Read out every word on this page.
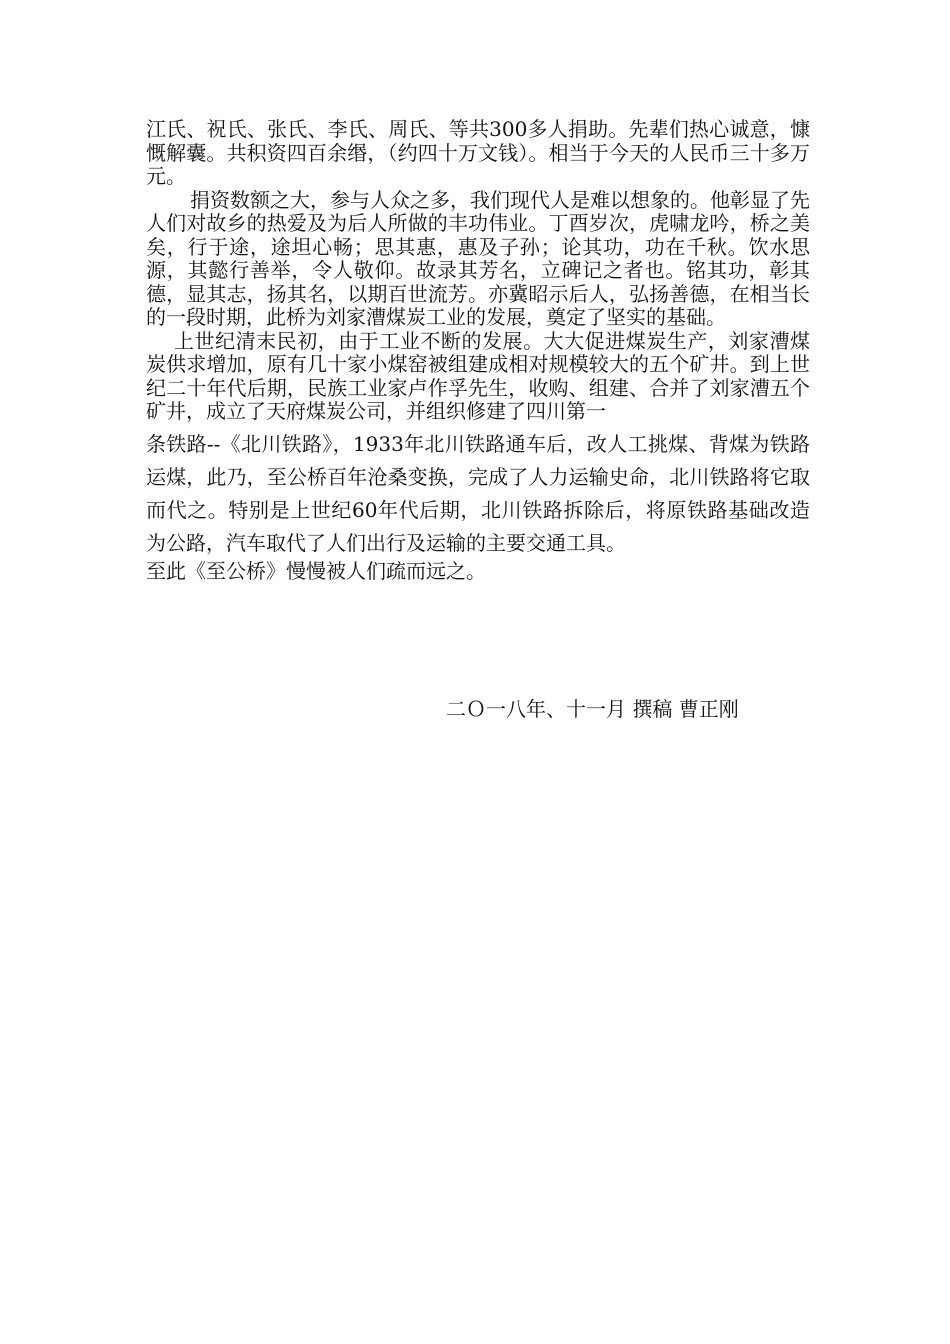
江氏、祝氏、张氏、李氏、周氏、等共300多人捐助。先辈们热心诚意，慷慨解囊。共积资四百余缗，（约四十万文钱）。相当于今天的人民币三十多万元。

捐资数额之大，参与人众之多，我们现代人是难以想象的。他彰显了先人们对故乡的热爱及为后人所做的丰功伟业。丁酉岁次，虎啸龙吟，桥之美矣，行于途，途坦心畅；思其惠，惠及子孙；论其功，功在千秋。饮水思源，其懿行善举，令人敬仰。故录其芳名，立碑记之者也。铭其功，彰其德，显其志，扬其名，以期百世流芳。亦冀昭示后人，弘扬善德，在相当长的一段时期，此桥为刘家漕煤炭工业的发展，奠定了坚实的基础。

上世纪清末民初，由于工业不断的发展。大大促进煤炭生产，刘家漕煤炭供求增加，原有几十家小煤窑被组建成相对规模较大的五个矿井。到上世纪二十年代后期，民族工业家卢作孚先生，收购、组建、合并了刘家漕五个矿井，成立了天府煤炭公司，并组织修建了四川第一

条铁路--《北川铁路》，1933年北川铁路通车后，改人工挑煤、背煤为铁路运煤，此乃，至公桥百年沧桑变换，完成了人力运输史命，北川铁路将它取而代之。特别是上世纪60年代后期，北川铁路拆除后，将原铁路基础改造为公路，汽车取代了人们出行及运输的主要交通工具。

至此《至公桥》慢慢被人们疏而远之。

二Ｏ一八年、十一月 撰稿 曹正刚
